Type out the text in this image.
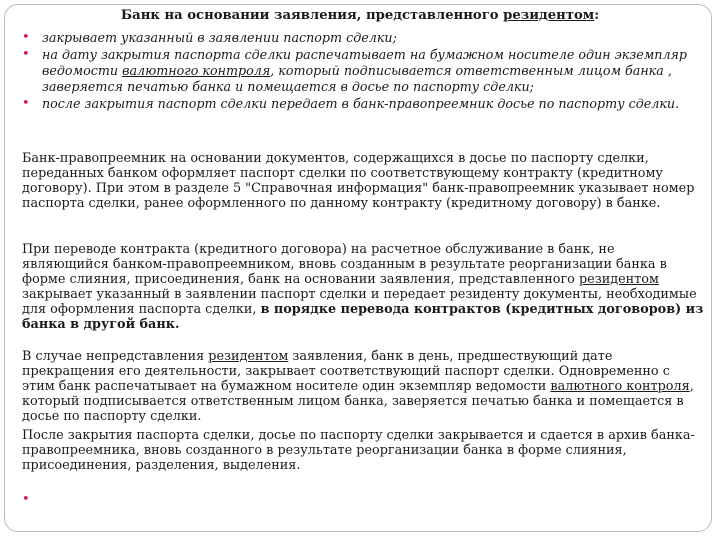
Банк на основании заявления, представленного резидентом:
• закрывает указанный в заявлении паспорт сделки;
• на дату закрытия паспорта сделки распечатывает на бумажном носителе один экземпляр ведомости валютного контроля, который подписывается ответственным лицом банка , заверяется печатью банка и помещается в досье по паспорту сделки;
• после закрытия паспорт сделки передает в банк-правопреемник досье по паспорту сделки.

Банк-правопреемник на основании документов, содержащихся в досье по паспорту сделки, переданных банком оформляет паспорт сделки по соответствующему контракту (кредитному договору). При этом в разделе 5 "Справочная информация" банк-правопреемник указывает номер паспорта сделки, ранее оформленного по данному контракту (кредитному договору) в банке.

При переводе контракта (кредитного договора) на расчетное обслуживание в банк, не являющийся банком-правопреемником, вновь созданным в результате реорганизации банка в форме слияния, присоединения, банк на основании заявления, представленного резидентом закрывает указанный в заявлении паспорт сделки и передает резиденту документы, необходимые для оформления паспорта сделки, в порядке перевода контрактов (кредитных договоров) из банка в другой банк.

В случае непредставления резидентом заявления, банк в день, предшествующий дате прекращения его деятельности, закрывает соответствующий паспорт сделки. Одновременно с этим банк распечатывает на бумажном носителе один экземпляр ведомости валютного контроля, который подписывается ответственным лицом банка, заверяется печатью банка и помещается в досье по паспорту сделки.

После закрытия паспорта сделки, досье по паспорту сделки закрывается и сдается в архив банка-правопреемника, вновь созданного в результате реорганизации банка в форме слияния, присоединения, разделения, выделения.

•
